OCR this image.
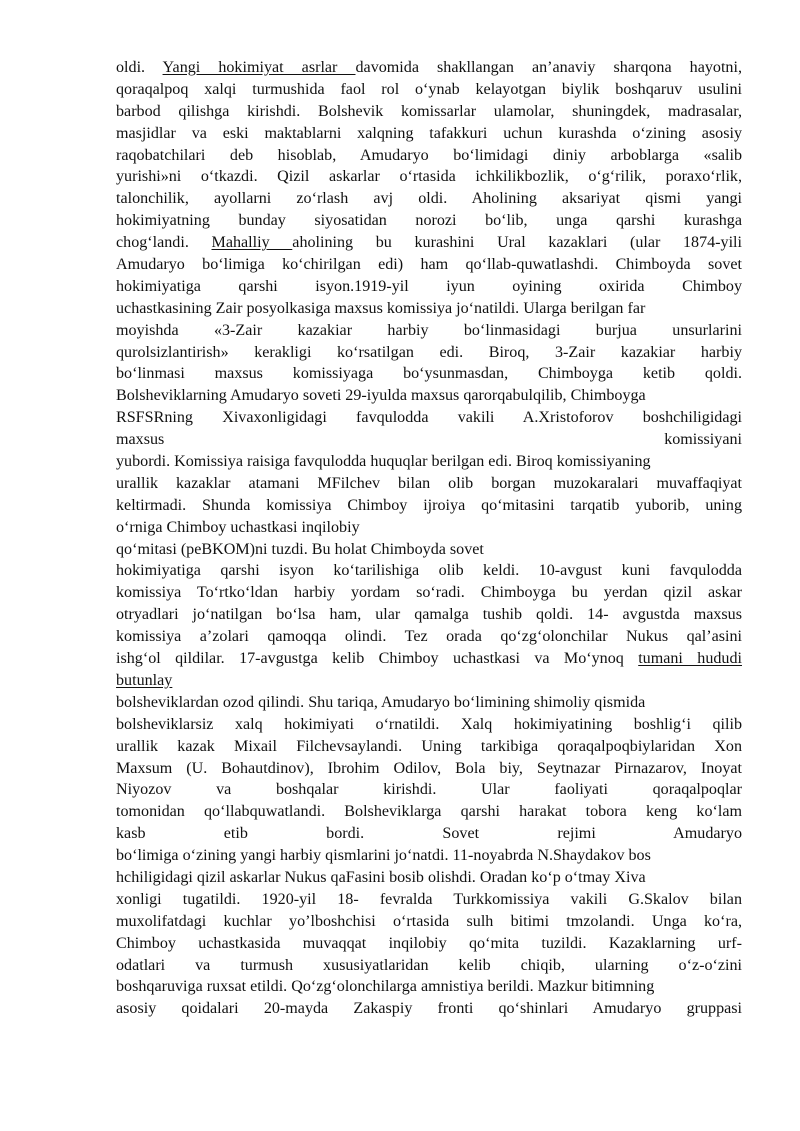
oldi. Yangi hokimiyat asrlar davomida shakllangan an’anaviy sharqona hayotni,
qoraqalpoq xalqi turmushida faol rol o‘ynab kelayotgan biylik boshqaruv usulini
barbod qilishga kirishdi. Bolshevik komissarlar ulamolar, shuningdek, madrasalar,
masjidlar va eski maktablarni xalqning tafakkuri uchun kurashda o‘zining asosiy
raqobatchilari deb hisoblab, Amudaryo bo‘limidagi diniy arboblarga «salib
yurishi»ni o‘tkazdi. Qizil askarlar o‘rtasida ichkilikbozlik, o‘g‘rilik, poraxo‘rlik,
talonchilik, ayollarni zo‘rlash avj oldi. Aholining aksariyat qismi yangi
hokimiyatning bunday siyosatidan norozi bo‘lib, unga qarshi kurashga
chog‘landi. Mahalliy aholining bu kurashini Ural kazaklari (ular 1874-yili
Amudaryo bo‘limiga ko‘chirilgan edi) ham qo‘llab-quwatlashdi. Chimboyda sovet
hokimiyatiga qarshi isyon.1919-yil iyun oyining oxirida Chimboy
uchastkasining Zair posyolkasiga maxsus komissiya jo‘natildi. Ularga berilgan far
moyishda «3-Zair kazakiar harbiy bo‘linmasidagi burjua unsurlarini
qurolsizlantirish» kerakligi ko‘rsatilgan edi. Biroq, 3-Zair kazakiar harbiy
bo‘linmasi maxsus komissiyaga bo‘ysunmasdan, Chimboyga ketib qoldi.
Bolsheviklarning Amudaryo soveti 29-iyulda maxsus qarorqabulqilib, Chimboyga
RSFSRning Xivaxonligidagi favqulodda vakili A.Xristoforov boshchiligidagi
maxsus komissiyani
yubordi. Komissiya raisiga favqulodda huquqlar berilgan edi. Biroq komissiyaning
urallik kazaklar atamani MFilchev bilan olib borgan muzokaralari muvaffaqiyat
keltirmadi. Shunda komissiya Chimboy ijroiya qo‘mitasini tarqatib yuborib, uning
o‘rniga Chimboy uchastkasi inqilobiy
qo‘mitasi (peBKOM)ni tuzdi. Bu holat Chimboyda sovet
hokimiyatiga qarshi isyon ko‘tarilishiga olib keldi. 10-avgust kuni favqulodda
komissiya To‘rtko‘ldan harbiy yordam so‘radi. Chimboyga bu yerdan qizil askar
otryadlari jo‘natilgan bo‘lsa ham, ular qamalga tushib qoldi. 14- avgustda maxsus
komissiya a’zolari qamoqqa olindi. Tez orada qo‘zg‘olonchilar Nukus qal’asini
ishg‘ol qildilar. 17-avgustga kelib Chimboy uchastkasi va Mo‘ynoq tumani hududi
butunlay
bolsheviklardan ozod qilindi. Shu tariqa, Amudaryo bo‘limining shimoliy qismida
bolsheviklarsiz xalq hokimiyati o‘rnatildi. Xalq hokimiyatining boshlig‘i qilib
urallik kazak Mixail Filchevsaylandi. Uning tarkibiga qoraqalpoqbiylaridan Xon
Maxsum (U. Bohautdinov), Ibrohim Odilov, Bola biy, Seytnazar Pirnazarov, Inoyat
Niyozov va boshqalar kirishdi. Ular faoliyati qoraqalpoqlar
tomonidan qo‘llabquwatlandi. Bolsheviklarga qarshi harakat tobora keng ko‘lam
kasb etib bordi. Sovet rejimi Amudaryo
bo‘limiga o‘zining yangi harbiy qismlarini jo‘natdi. 11-noyabrda N.Shaydakov bos
hchiligidagi qizil askarlar Nukus qaFasini bosib olishdi. Oradan ko‘p o‘tmay Xiva
xonligi tugatildi. 1920-yil 18- fevralda Turkkomissiya vakili G.Skalov bilan
muxolifatdagi kuchlar yo’lboshchisi o‘rtasida sulh bitimi tmzolandi. Unga ko‘ra,
Chimboy uchastkasida muvaqqat inqilobiy qo‘mita tuzildi. Kazaklarning urf-
odatlari va turmush xususiyatlaridan kelib chiqib, ularning o‘z-o‘zini
boshqaruviga ruxsat etildi. Qo‘zg‘olonchilarga amnistiya berildi. Mazkur bitimning
asosiy qoidalari 20-mayda Zakaspiy fronti qo‘shinlari Amudaryo gruppasi
